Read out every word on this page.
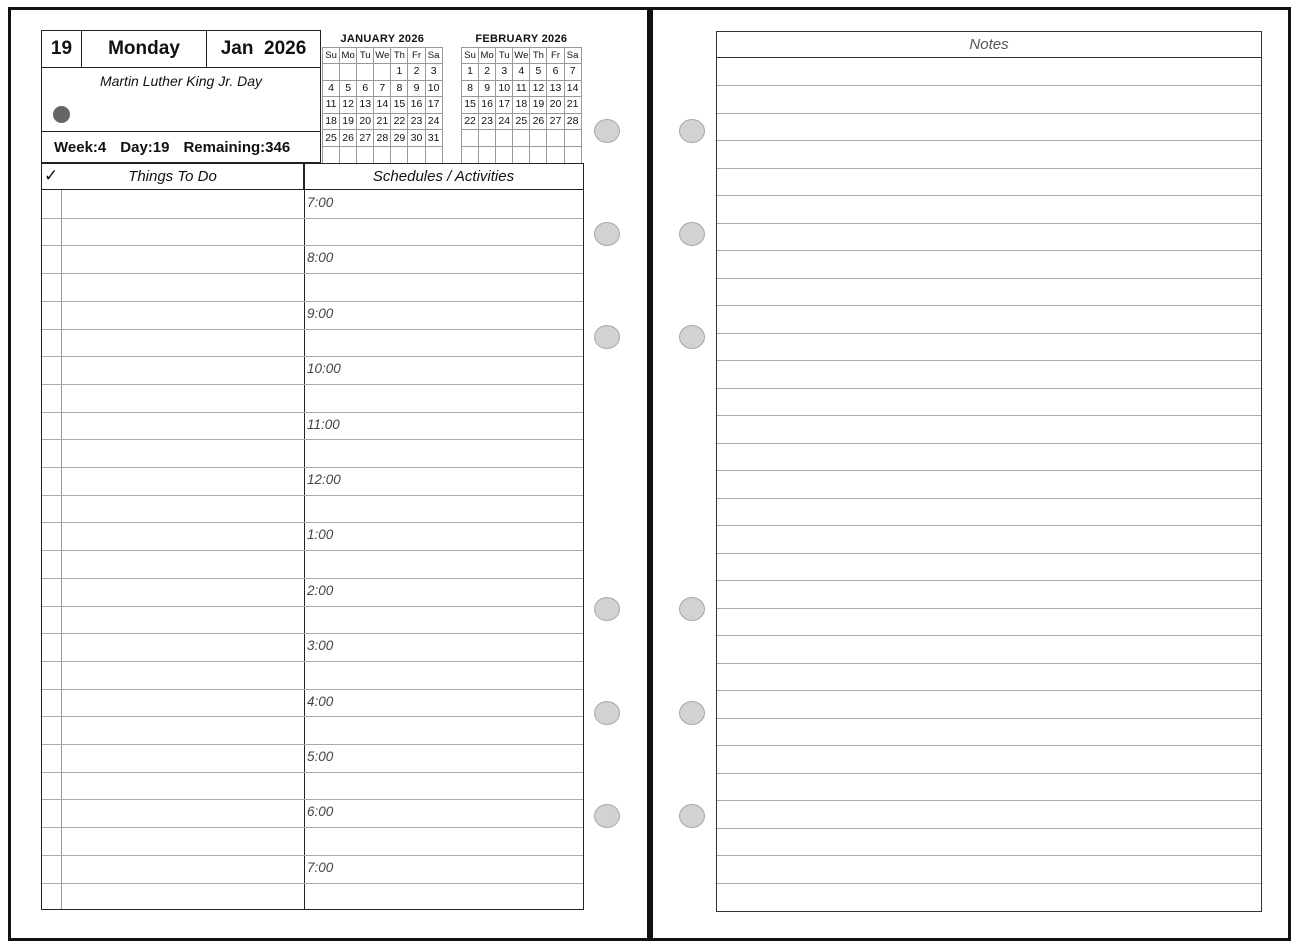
19	Monday	Jan  2026
Martin Luther King Jr. Day
Week:4 Day:19 Remaining:346
JANUARY 2026
Su	Mo	Tu	We	Th	Fr	Sa
				1	2	3
4	5	6	7	8	9	10
11	12	13	14	15	16	17
18	19	20	21	22	23	24
25	26	27	28	29	30	31

FEBRUARY 2026
Su	Mo	Tu	We	Th	Fr	Sa
1	2	3	4	5	6	7
8	9	10	11	12	13	14
15	16	17	18	19	20	21
22	23	24	25	26	27	28

✓	Things To Do	Schedules / Activities
7:00
8:00
9:00
10:00
11:00
12:00
1:00
2:00
3:00
4:00
5:00
6:00
7:00
Notes
